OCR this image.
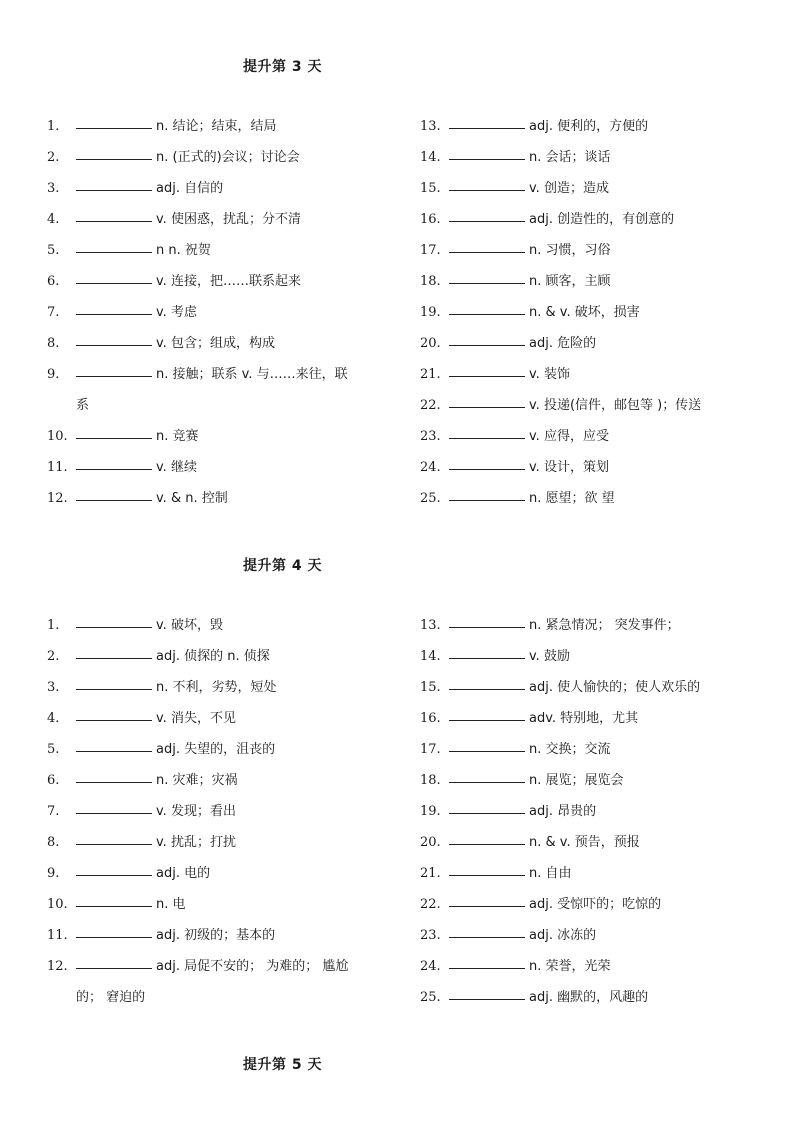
提升第 3 天
1.	n. 结论；结束，结局
2.	n. (正式的)会议；讨论会
3.	adj. 自信的
4.	v. 使困惑，扰乱；分不清
5.	n n. 祝贺
6.	v. 连接，把……联系起来
7.	v. 考虑
8.	v. 包含；组成，构成
9.	n. 接触；联系 v. 与……来往，联
系
10.	n. 竞赛
11.	v. 继续
12.	v. & n. 控制
13.	adj. 便利的，方便的
14.	n. 会话；谈话
15.	v. 创造；造成
16.	adj. 创造性的，有创意的
17.	n. 习惯，习俗
18.	n. 顾客，主顾
19.	n. & v. 破坏，损害
20.	adj. 危险的
21.	v. 装饰
22.	v. 投递(信件，邮包等 )；传送
23.	v. 应得，应受
24.	v. 设计，策划
25.	n. 愿望；欲 望
提升第 4 天
1.	v. 破坏，毁
2.	adj. 侦探的 n. 侦探
3.	n. 不利，劣势，短处
4.	v. 消失，不见
5.	adj. 失望的，沮丧的
6.	n. 灾难；灾祸
7.	v. 发现；看出
8.	v. 扰乱；打扰
9.	adj. 电的
10.	n. 电
11.	adj. 初级的；基本的
12.	adj. 局促不安的； 为难的； 尴尬
的； 窘迫的
13.	n. 紧急情况； 突发事件；
14.	v. 鼓励
15.	adj. 使人愉快的；使人欢乐的
16.	adv. 特别地，尤其
17.	n. 交换；交流
18.	n. 展览；展览会
19.	adj. 昂贵的
20.	n. & v. 预告，预报
21.	n. 自由
22.	adj. 受惊吓的；吃惊的
23.	adj. 冰冻的
24.	n. 荣誉，光荣
25.	adj. 幽默的，风趣的
提升第 5 天
